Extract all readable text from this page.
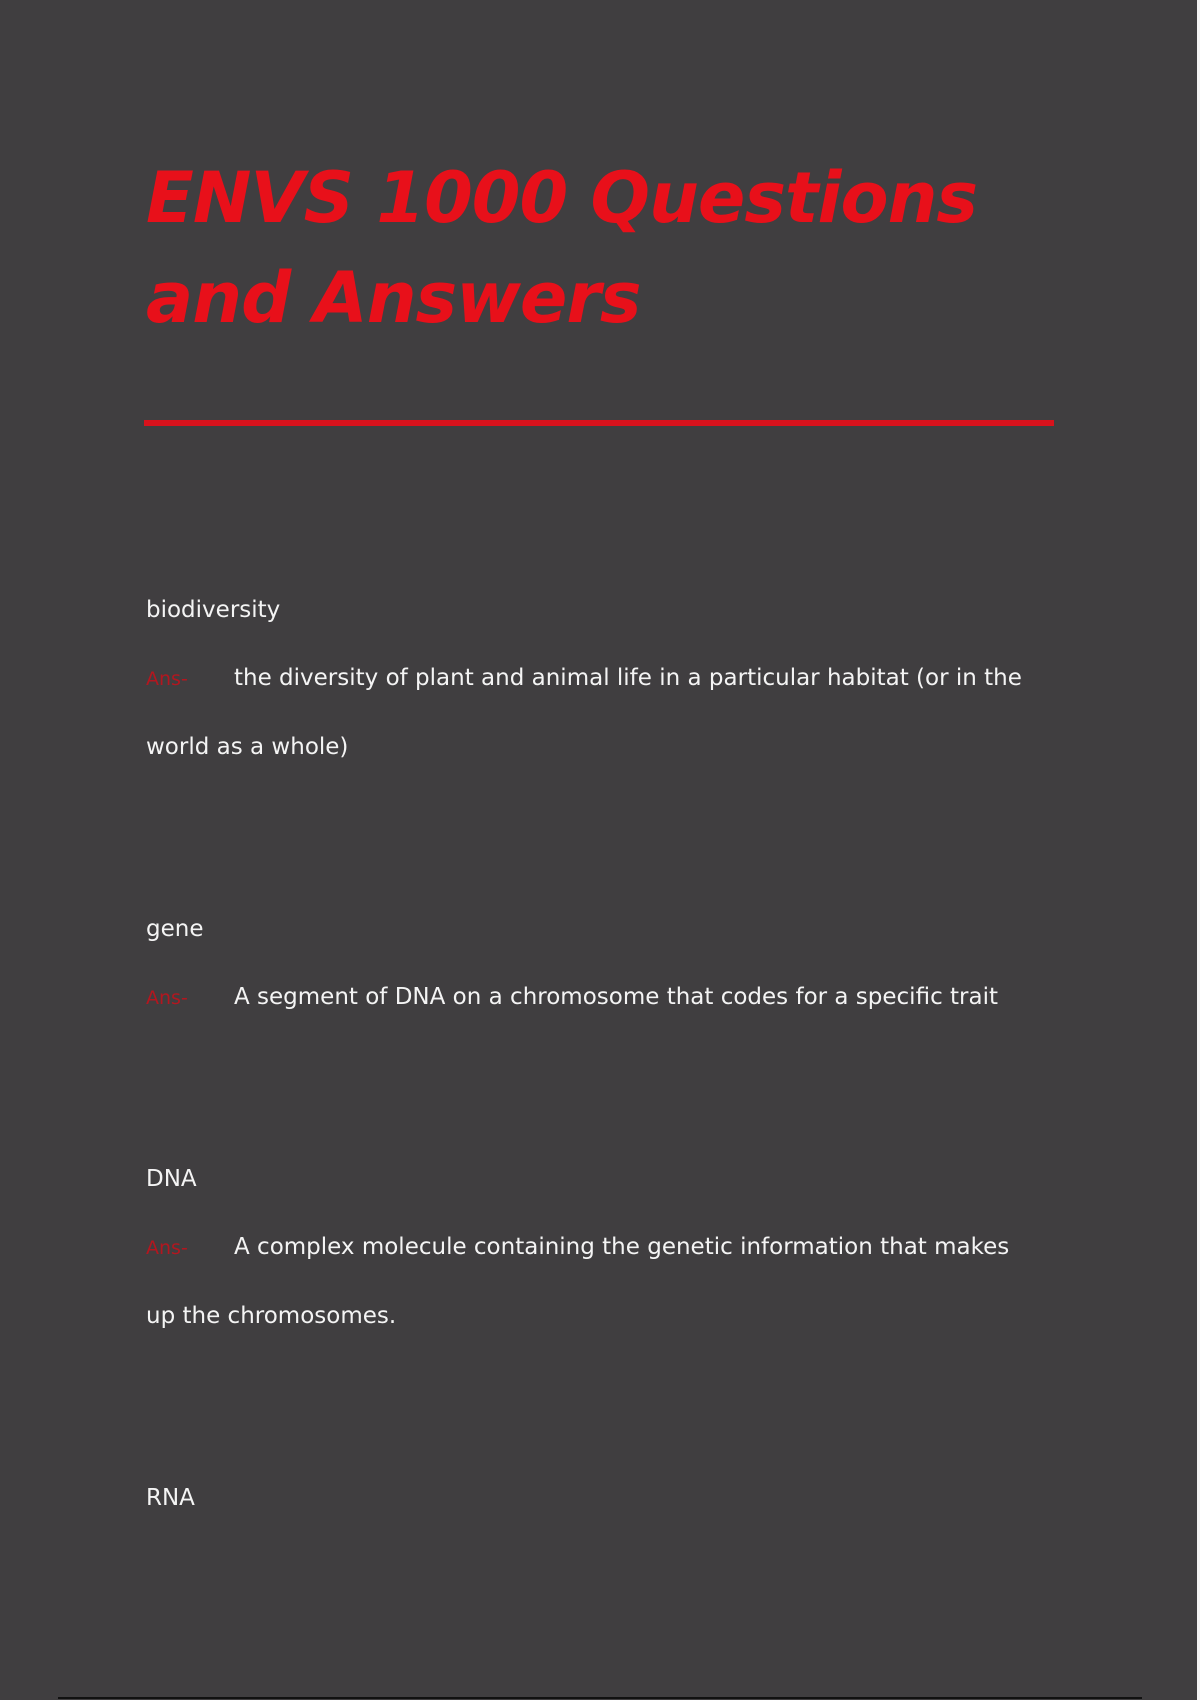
ENVS 1000 Questions and Answers
biodiversity
Ans- the diversity of plant and animal life in a particular habitat (or in the world as a whole)
gene
Ans- A segment of DNA on a chromosome that codes for a specific trait
DNA
Ans- A complex molecule containing the genetic information that makes up the chromosomes.
RNA
